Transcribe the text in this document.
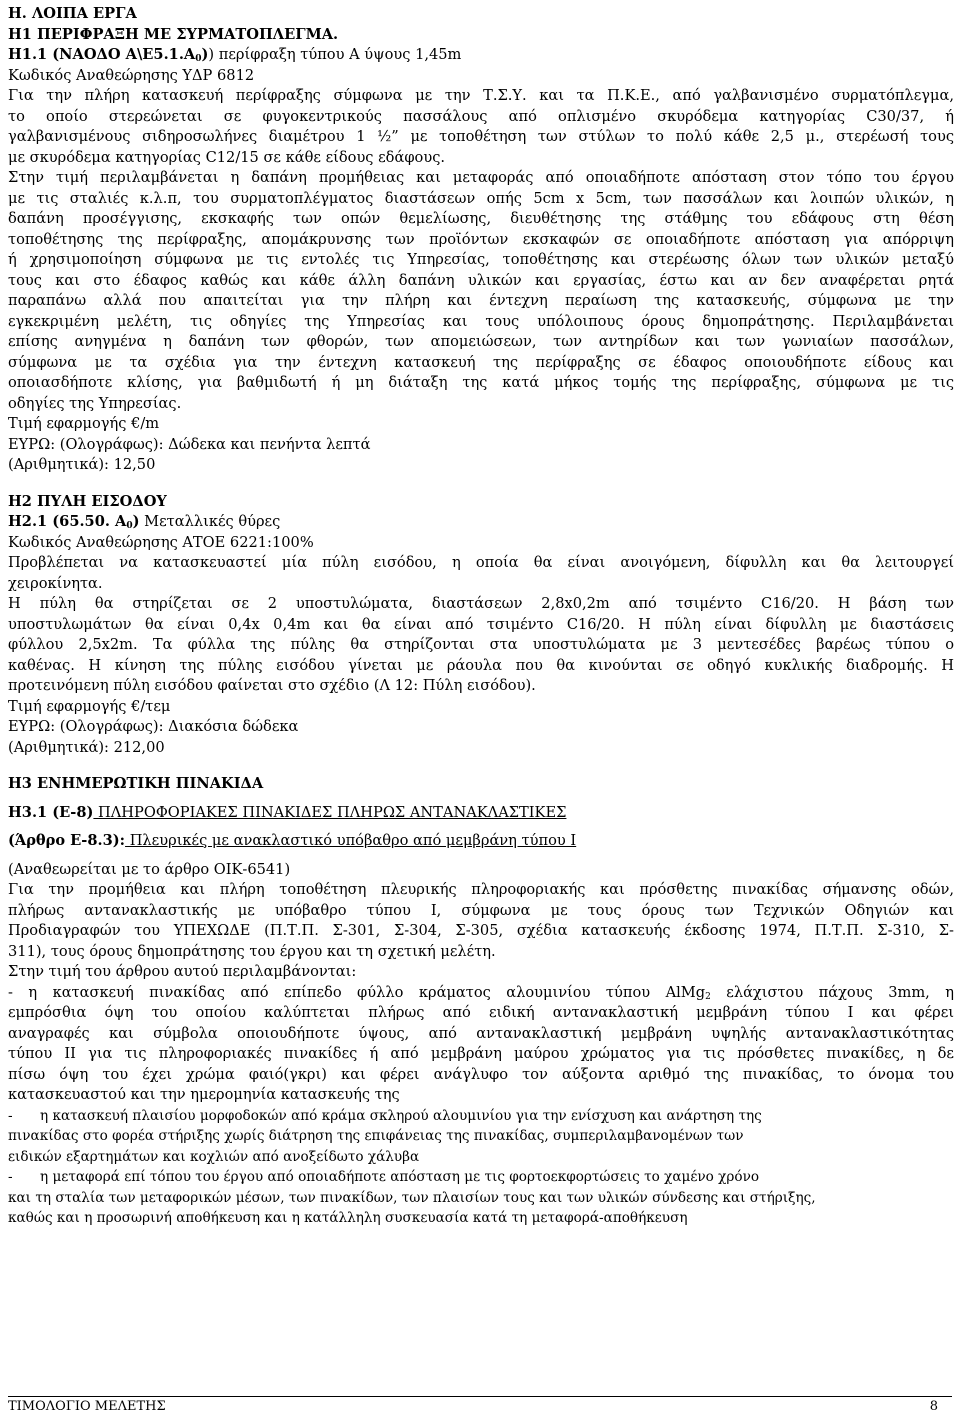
Η. ΛΟΙΠΑ ΕΡΓΑ
Η1 ΠΕΡΙΦΡΑΞΗ ΜΕ ΣΥΡΜΑΤΟΠΛΕΓΜΑ.
Η1.1 (ΝΑΟΔΟ $A\backslash E5.1.A_0$)) περίφραξη τύπου Α ύψους 1,45m
Κωδικός Αναθεώρησης ΥΔΡ 6812
Για την πλήρη κατασκευή περίφραξης σύμφωνα με την Τ.Σ.Υ. και τα Π.Κ.Ε., από γαλβανισμένο συρματόπλεγμα,
το οποίο στερεώνεται σε φυγοκεντρικούς πασσάλους από οπλισμένο σκυρόδεμα κατηγορίας C30/37, ή
γαλβανισμένους σιδηροσωλήνες διαμέτρου 1 ½” με τοποθέτηση των στύλων το πολύ κάθε 2,5 μ., στερέωσή τους
με σκυρόδεμα κατηγορίας C12/15 σε κάθε είδους εδάφους.
Στην τιμή περιλαμβάνεται η δαπάνη προμήθειας και μεταφοράς από οποιαδήποτε απόσταση στον τόπο του έργου
με τις σταλιές κ.λ.π, του συρματοπλέγματος διαστάσεων οπής 5cm x 5cm, των πασσάλων και λοιπών υλικών, η
δαπάνη προσέγγισης, εκσκαφής των οπών θεμελίωσης, διευθέτησης της στάθμης του εδάφους στη θέση
τοποθέτησης της περίφραξης, απομάκρυνσης των προϊόντων εκσκαφών σε οποιαδήποτε απόσταση για απόρριψη
ή χρησιμοποίηση σύμφωνα με τις εντολές τις Υπηρεσίας, τοποθέτησης και στερέωσης όλων των υλικών μεταξύ
τους και στο έδαφος καθώς και κάθε άλλη δαπάνη υλικών και εργασίας, έστω και αν δεν αναφέρεται ρητά
παραπάνω αλλά που απαιτείται για την πλήρη και έντεχνη περαίωση της κατασκευής, σύμφωνα με την
εγκεκριμένη μελέτη, τις οδηγίες της Υπηρεσίας και τους υπόλοιπους όρους δημοπράτησης. Περιλαμβάνεται
επίσης ανηγμένα η δαπάνη των φθορών, των απομειώσεων, των αντηρίδων και των γωνιαίων πασσάλων,
σύμφωνα με τα σχέδια για την έντεχνη κατασκευή της περίφραξης σε έδαφος οποιουδήποτε είδους και
οποιασδήποτε κλίσης, για βαθμιδωτή ή μη διάταξη της κατά μήκος τομής της περίφραξης, σύμφωνα με τις
οδηγίες της Υπηρεσίας.
Τιμή εφαρμογής €/m
ΕΥΡΩ: (Ολογράφως): Δώδεκα και πενήντα λεπτά
(Αριθμητικά): 12,50
Η2 ΠΥΛΗ ΕΙΣΟΔΟΥ
Η2.1 (65.50. $A_0$) Μεταλλικές θύρες
Κωδικός Αναθεώρησης ΑΤΟΕ 6221:100%
Προβλέπεται να κατασκευαστεί μία πύλη εισόδου, η οποία θα είναι ανοιγόμενη, δίφυλλη και θα λειτουργεί
χειροκίνητα.
Η πύλη θα στηρίζεται σε 2 υποστυλώματα, διαστάσεων 2,8x0,2m από τσιμέντο C16/20. Η βάση των
υποστυλωμάτων θα είναι 0,4x 0,4m και θα είναι από τσιμέντο C16/20. Η πύλη είναι δίφυλλη με διαστάσεις
φύλλου 2,5x2m. Τα φύλλα της πύλης θα στηρίζονται στα υποστυλώματα με 3 μεντεσέδες βαρέως τύπου ο
καθένας. Η κίνηση της πύλης εισόδου γίνεται με ράουλα που θα κινούνται σε οδηγό κυκλικής διαδρομής. Η
προτεινόμενη πύλη εισόδου φαίνεται στο σχέδιο (Λ 12: Πύλη εισόδου).
Τιμή εφαρμογής €/τεμ
ΕΥΡΩ: (Ολογράφως): Διακόσια δώδεκα
(Αριθμητικά): 212,00
Η3 ΕΝΗΜΕΡΩΤΙΚΗ ΠΙΝΑΚΙΔΑ
Η3.1 (Ε-8) ΠΛΗΡΟΦΟΡΙΑΚΕΣ ΠΙΝΑΚΙΔΕΣ ΠΛΗΡΩΣ ΑΝΤΑΝΑΚΛΑΣΤΙΚΕΣ
(Άρθρο Ε-8.3): Πλευρικές με ανακλαστικό υπόβαθρο από μεμβράνη τύπου Ι
(Αναθεωρείται με το άρθρο ΟΙΚ-6541)
Για την προμήθεια και πλήρη τοποθέτηση πλευρικής πληροφοριακής και πρόσθετης πινακίδας σήμανσης οδών,
πλήρως αντανακλαστικής με υπόβαθρο τύπου Ι, σύμφωνα με τους όρους των Τεχνικών Οδηγιών και
Προδιαγραφών του ΥΠΕΧΩΔΕ (Π.Τ.Π. Σ-301, Σ-304, Σ-305, σχέδια κατασκευής έκδοσης 1974, Π.Τ.Π. Σ-310, Σ-
311), τους όρους δημοπράτησης του έργου και τη σχετική μελέτη.
Στην τιμή του άρθρου αυτού περιλαμβάνονται:
- η κατασκευή πινακίδας από επίπεδο φύλλο κράματος αλουμινίου τύπου AlMg$_2$ ελάχιστου πάχους 3mm, η
εμπρόσθια όψη του οποίου καλύπτεται πλήρως από ειδική αντανακλαστική μεμβράνη τύπου Ι και φέρει
αναγραφές και σύμβολα οποιουδήποτε ύψους, από αντανακλαστική μεμβράνη υψηλής αντανακλαστικότητας
τύπου ΙΙ για τις πληροφοριακές πινακίδες ή από μεμβράνη μαύρου χρώματος για τις πρόσθετες πινακίδες, η δε
πίσω όψη του έχει χρώμα φαιό(γκρι) και φέρει ανάγλυφο τον αύξοντα αριθμό της πινακίδας, το όνομα του
κατασκευαστού και την ημερομηνία κατασκευής της
- η κατασκευή πλαισίου μορφοδοκών από κράμα σκληρού αλουμινίου για την ενίσχυση και ανάρτηση της
πινακίδας στο φορέα στήριξης χωρίς διάτρηση της επιφάνειας της πινακίδας, συμπεριλαμβανομένων των
ειδικών εξαρτημάτων και κοχλιών από ανοξείδωτο χάλυβα
- η μεταφορά επί τόπου του έργου από οποιαδήποτε απόσταση με τις φορτοεκφορτώσεις το χαμένο χρόνο
και τη σταλία των μεταφορικών μέσων, των πινακίδων, των πλαισίων τους και των υλικών σύνδεσης και στήριξης,
καθώς και η προσωρινή αποθήκευση και η κατάλληλη συσκευασία κατά τη μεταφορά-αποθήκευση
ΤΙΜΟΛΟΓΙΟ ΜΕΛΕΤΗΣ	8
